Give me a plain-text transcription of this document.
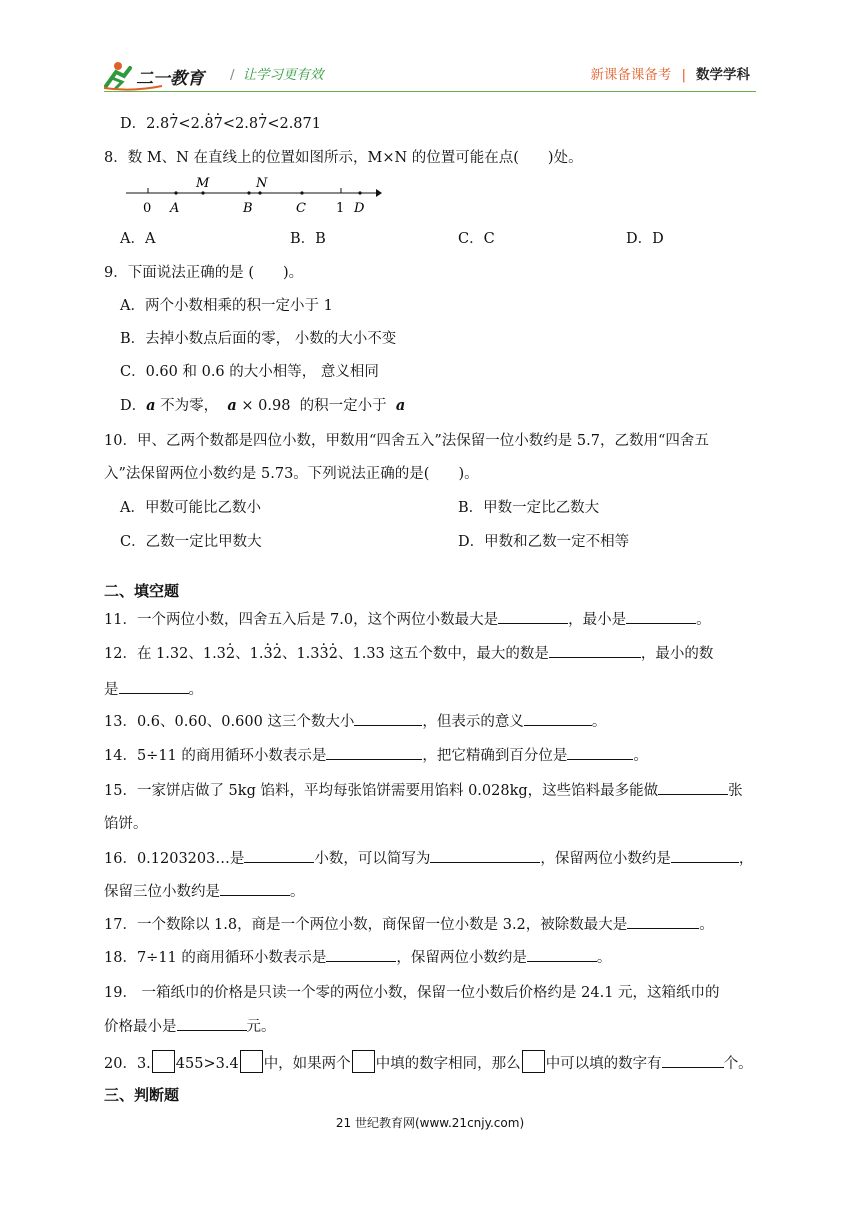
二一教育 / 让学习更有效	新课备课备考 | 数学学科
D．2.8· 7<2.· 8· 7<2.8· 7<2.871
8．数 M、N 在直线上的位置如图所示，M×N 的位置可能在点(　　)处。
M	N
0 A	B	C 1 D
A．A	B．B	C．C	D．D
9．下面说法正确的是 (　　)。
A．两个小数相乘的积一定小于 1
B．去掉小数点后面的零， 小数的大小不变
C．0.60 和 0.6 的大小相等， 意义相同
D．a 不为零，  a × 0.98  的积一定小于  a
10．甲、乙两个数都是四位小数，甲数用“四舍五入”法保留一位小数约是 5.7，乙数用“四舍五
入”法保留两位小数约是 5.73。下列说法正确的是(　　)。
A．甲数可能比乙数小	B．甲数一定比乙数大
C．乙数一定比甲数大	D．甲数和乙数一定不相等
二、填空题
11．一个两位小数，四舍五入后是 7.0，这个两位小数最大是	，最小是	。
12．在 1.32、1.3· 2、1.· 3· 2、1.3· 3· 2、1.33 这五个数中，最大的数是	，最小的数
是	。
13．0.6、0.60、0.600 这三个数大小	，但表示的意义	。
14．5÷11 的商用循环小数表示是	，把它精确到百分位是	。
15．一家饼店做了 5kg 馅料，平均每张馅饼需要用馅料 0.028kg，这些馅料最多能做	张
馅饼。
16．0.1203203…是	小数，可以简写为	，保留两位小数约是	，
保留三位小数约是	。
17．一个数除以 1.8，商是一个两位小数，商保留一位小数是 3.2，被除数最大是	。
18．7÷11 的商用循环小数表示是	，保留两位小数约是	。
19． 一箱纸巾的价格是只读一个零的两位小数，保留一位小数后价格约是 24.1 元，这箱纸巾的
价格最小是	元。
20．3. 455>3.4 中，如果两个 中填的数字相同，那么 中可以填的数字有	个。
三、判断题
21 世纪教育网(www.21cnjy.com)
